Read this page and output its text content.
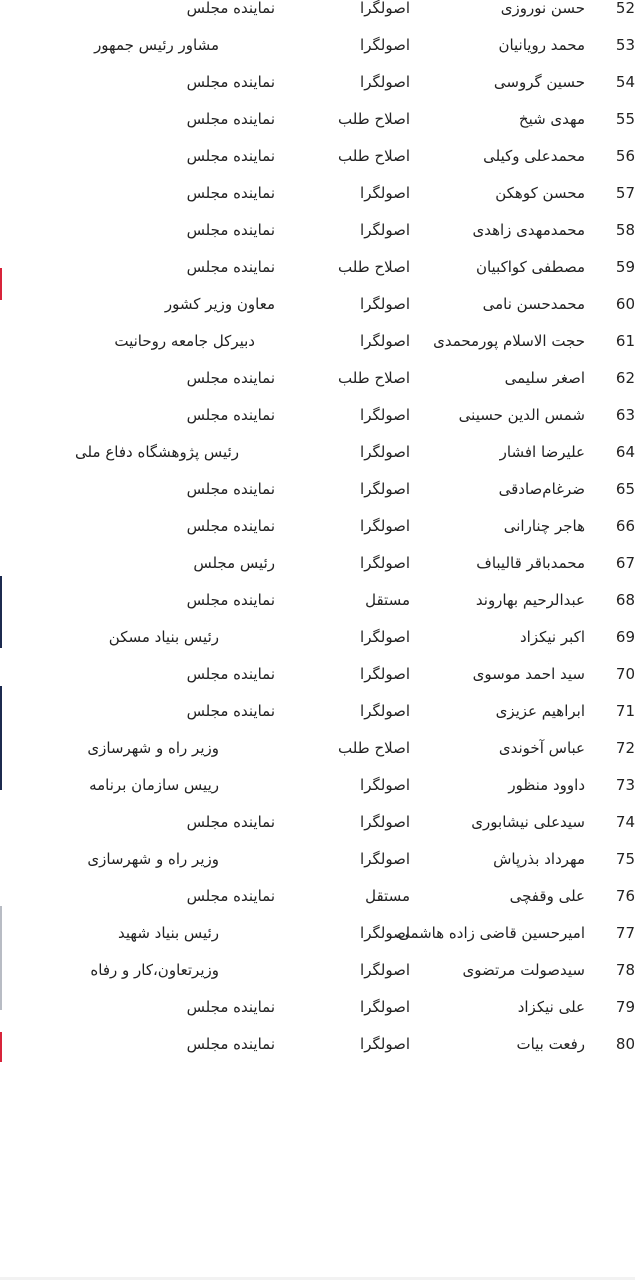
52	حسن نوروزی	اصولگرا	نماینده مجلس
53	محمد رویانیان	اصولگرا	مشاور رئیس جمهور
54	حسین گروسی	اصولگرا	نماینده مجلس
55	مهدی شیخ	اصلاح طلب	نماینده مجلس
56	محمدعلی وکیلی	اصلاح طلب	نماینده مجلس
57	محسن کوهکن	اصولگرا	نماینده مجلس
58	محمدمهدی زاهدی	اصولگرا	نماینده مجلس
59	مصطفی کواکبیان	اصلاح طلب	نماینده مجلس
60	محمدحسن نامی	اصولگرا	معاون وزیر کشور
61	حجت الاسلام پورمحمدی	اصولگرا	دبیرکل جامعه روحانیت
62	اصغر سلیمی	اصلاح طلب	نماینده مجلس
63	شمس الدین حسینی	اصولگرا	نماینده مجلس
64	علیرضا افشار	اصولگرا	رئیس پژوهشگاه دفاع ملی
65	ضرغام‌صادقی	اصولگرا	نماینده مجلس
66	هاجر چنارانی	اصولگرا	نماینده مجلس
67	محمدباقر قالیباف	اصولگرا	رئیس مجلس
68	عبدالرحیم بهاروند	مستقل	نماینده مجلس
69	اکبر نیکزاد	اصولگرا	رئیس بنیاد مسکن
70	سید احمد موسوی	اصولگرا	نماینده مجلس
71	ابراهیم عزیزی	اصولگرا	نماینده مجلس
72	عباس آخوندی	اصلاح طلب	وزیر راه و شهرسازی
73	داوود منظور	اصولگرا	رییس سازمان برنامه
74	سیدعلی نیشابوری	اصولگرا	نماینده مجلس
75	مهرداد بذرپاش	اصولگرا	وزیر راه و شهرسازی
76	علی وقفچی	مستقل	نماینده مجلس
77	امیرحسین قاضی زاده هاشمی	اصولگرا	رئیس بنیاد شهید
78	سیدصولت مرتضوی	اصولگرا	وزیرتعاون،کار و رفاه
79	علی نیکزاد	اصولگرا	نماینده مجلس
80	رفعت بیات	اصولگرا	نماینده مجلس
